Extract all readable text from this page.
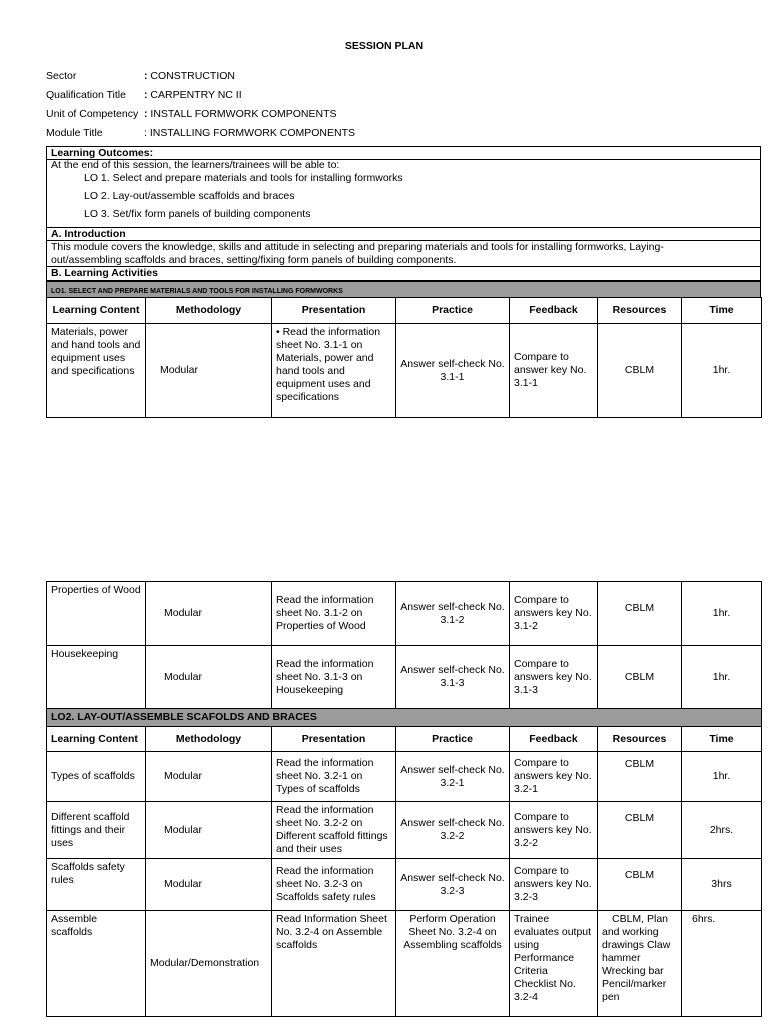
SESSION PLAN
Sector	: CONSTRUCTION
Qualification Title : CARPENTRY NC II
Unit of Competency : INSTALL FORMWORK COMPONENTS
Module Title	: INSTALLING FORMWORK COMPONENTS
Learning Outcomes:
At the end of this session, the learners/trainees will be able to:
LO 1. Select and prepare materials and tools for installing formworks
LO 2. Lay-out/assemble scaffolds and braces
LO 3. Set/fix form panels of building components
A. Introduction
This module covers the knowledge, skills and attitude in selecting and preparing materials and tools for installing formworks, Laying-
out/assembling scaffolds and braces, setting/fixing form panels of building components.
B. Learning Activities
LO1. SELECT AND PREPARE MATERIALS AND TOOLS FOR INSTALLING FORMWORKS
Learning Content	Methodology	Presentation	Practice	Feedback	Resources	Time
Materials, power and hand tools and equipment uses and specifications	Modular	• Read the information sheet No. 3.1-1 on Materials, power and hand tools and equipment uses and specifications	Answer self-check No. 3.1-1	Compare to answer key No. 3.1-1	CBLM	1hr.
Properties of Wood	Modular	Read the information sheet No. 3.1-2 on Properties of Wood	Answer self-check No. 3.1-2	Compare to answers key No. 3.1-2	CBLM	1hr.
Housekeeping	Modular	Read the information sheet No. 3.1-3 on Housekeeping	Answer self-check No. 3.1-3	Compare to answers key No. 3.1-3	CBLM	1hr.
LO2. LAY-OUT/ASSEMBLE SCAFOLDS AND BRACES						
Learning Content	Methodology	Presentation	Practice	Feedback	Resources	Time
Types of scaffolds	Modular	Read the information sheet No. 3.2-1 on Types of scaffolds	Answer self-check No. 3.2-1	Compare to answers key No. 3.2-1	CBLM	1hr.
Different scaffold fittings and their uses	Modular	Read the information sheet No. 3.2-2 on Different scaffold fittings and their uses	Answer self-check No. 3.2-2	Compare to answers key No. 3.2-2	CBLM	2hrs.
Scaffolds safety rules	Modular	Read the information sheet No. 3.2-3 on Scaffolds safety rules	Answer self-check No. 3.2-3	Compare to answers key No. 3.2-3	CBLM	3hrs
Assemble scaffolds	Modular/Demonstration	Read Information Sheet No. 3.2-4 on Assemble scaffolds	Perform Operation Sheet No. 3.2-4 on Assembling scaffolds	Trainee evaluates output using Performance Criteria Checklist No. 3.2-4	CBLM, Plan and working drawings Claw hammer Wrecking bar Pencil/marker pen	6hrs.
